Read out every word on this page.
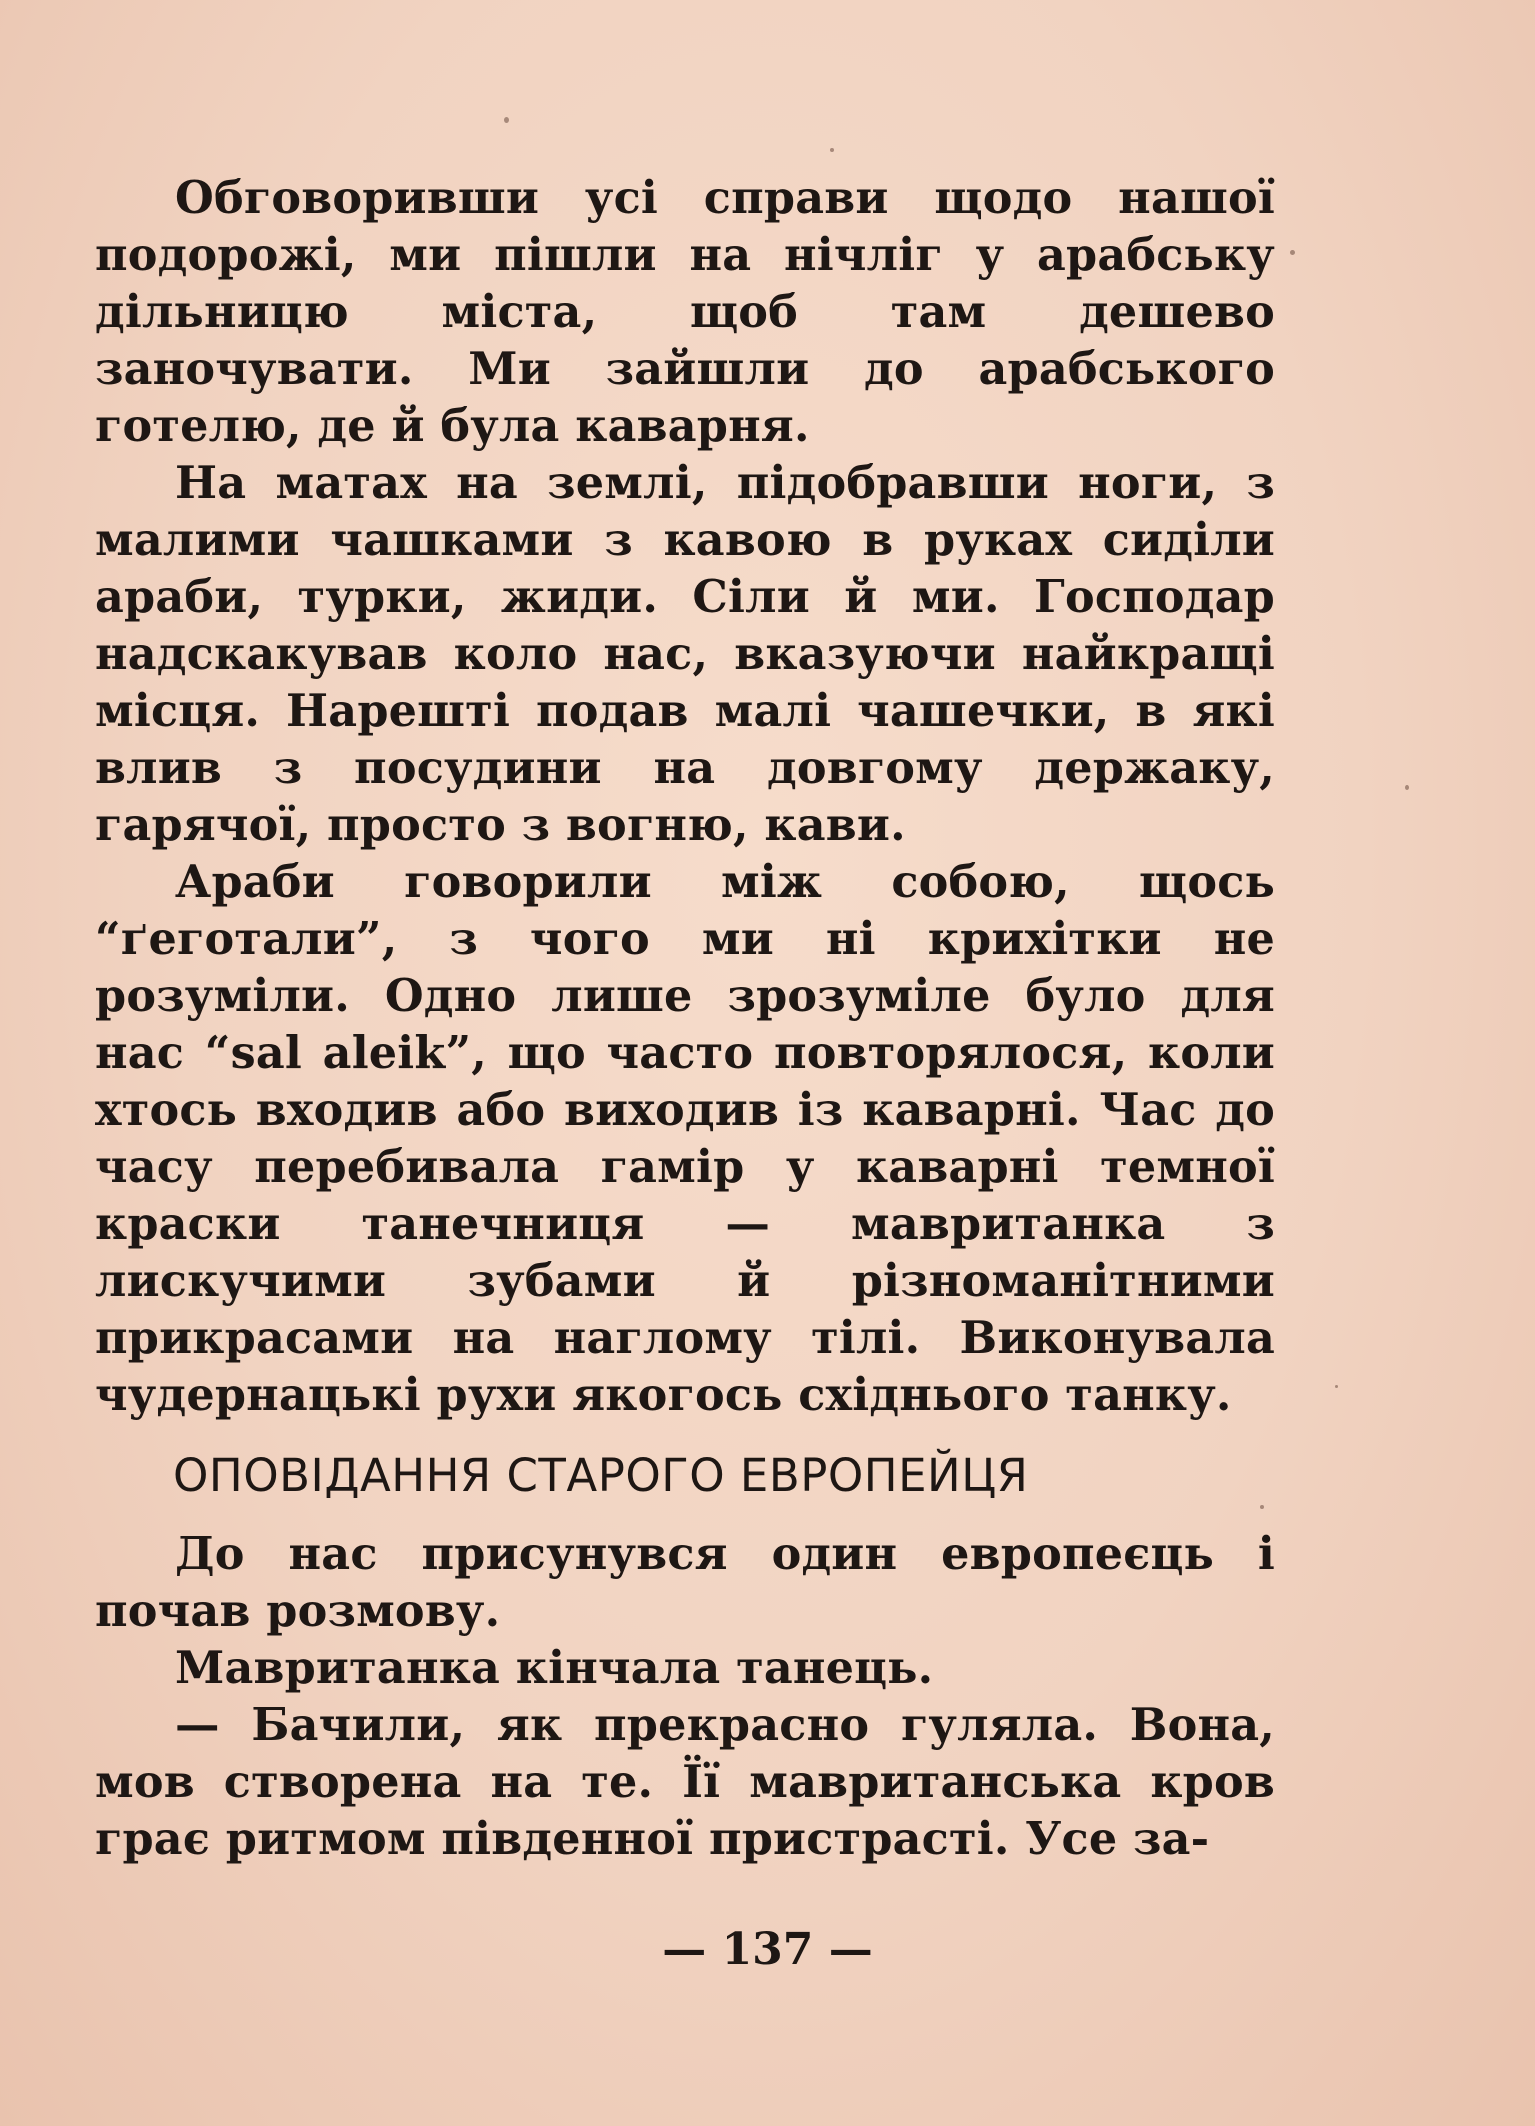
Обговоривши усі справи щодо нашої подорожі, ми пішли на нічліг у арабську дільницю міста, щоб там дешево заночувати. Ми зайшли до арабського готелю, де й була каварня.

На матах на землі, підобравши ноги, з малими чашками з кавою в руках сиділи араби, турки, жиди. Сіли й ми. Господар надскакував коло нас, вказуючи найкращі місця. Нарешті подав малі чашечки, в які влив з посудини на довгому держаку, гарячої, просто з вогню, кави.

Араби говорили між собою, щось “ґеготали”, з чого ми ні крихітки не розуміли. Одно лише зрозуміле було для нас “sal aleik”, що часто повторялося, коли хтось входив або виходив із каварні. Час до часу перебивала гамір у каварні темної краски танечниця — мавританка з лискучими зубами й різноманітними прикрасами на наглому тілі. Виконувала чудернацькі рухи якогось східнього танку.

ОПОВІДАННЯ СТАРОГО ЕВРОПЕЙЦЯ

До нас присунувся один европеєць і почав розмову.

Мавританка кінчала танець.

— Бачили, як прекрасно гуляла. Вона, мов створена на те. Її мавританська кров грає ритмом південної пристрасті. Усе за-

— 137 —
